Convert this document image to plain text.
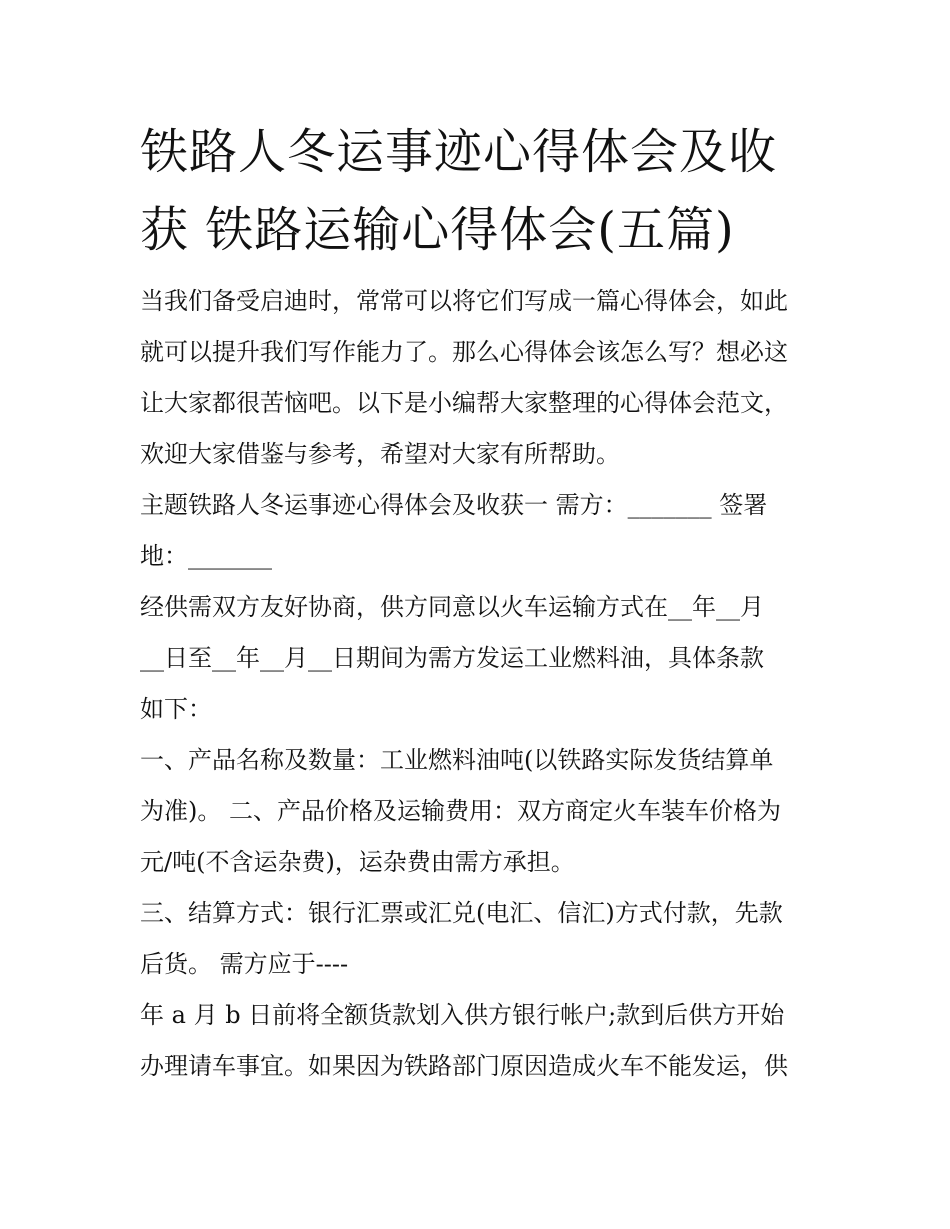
铁路人冬运事迹心得体会及收
获 铁路运输心得体会(五篇)
当我们备受启迪时，常常可以将它们写成一篇心得体会，如此
就可以提升我们写作能力了。那么心得体会该怎么写？想必这
让大家都很苦恼吧。以下是小编帮大家整理的心得体会范文，
欢迎大家借鉴与参考，希望对大家有所帮助。
主题铁路人冬运事迹心得体会及收获一 需方：_______ 签署
地：_______
经供需双方友好协商，供方同意以火车运输方式在__年__月
__日至__年__月__日期间为需方发运工业燃料油，具体条款
如下：
一、产品名称及数量：工业燃料油吨(以铁路实际发货结算单
为准)。 二、产品价格及运输费用：双方商定火车装车价格为
元/吨(不含运杂费)，运杂费由需方承担。
三、结算方式：银行汇票或汇兑(电汇、信汇)方式付款，先款
后货。 需方应于----
年 a 月 b 日前将全额货款划入供方银行帐户;款到后供方开始
办理请车事宜。如果因为铁路部门原因造成火车不能发运，供
